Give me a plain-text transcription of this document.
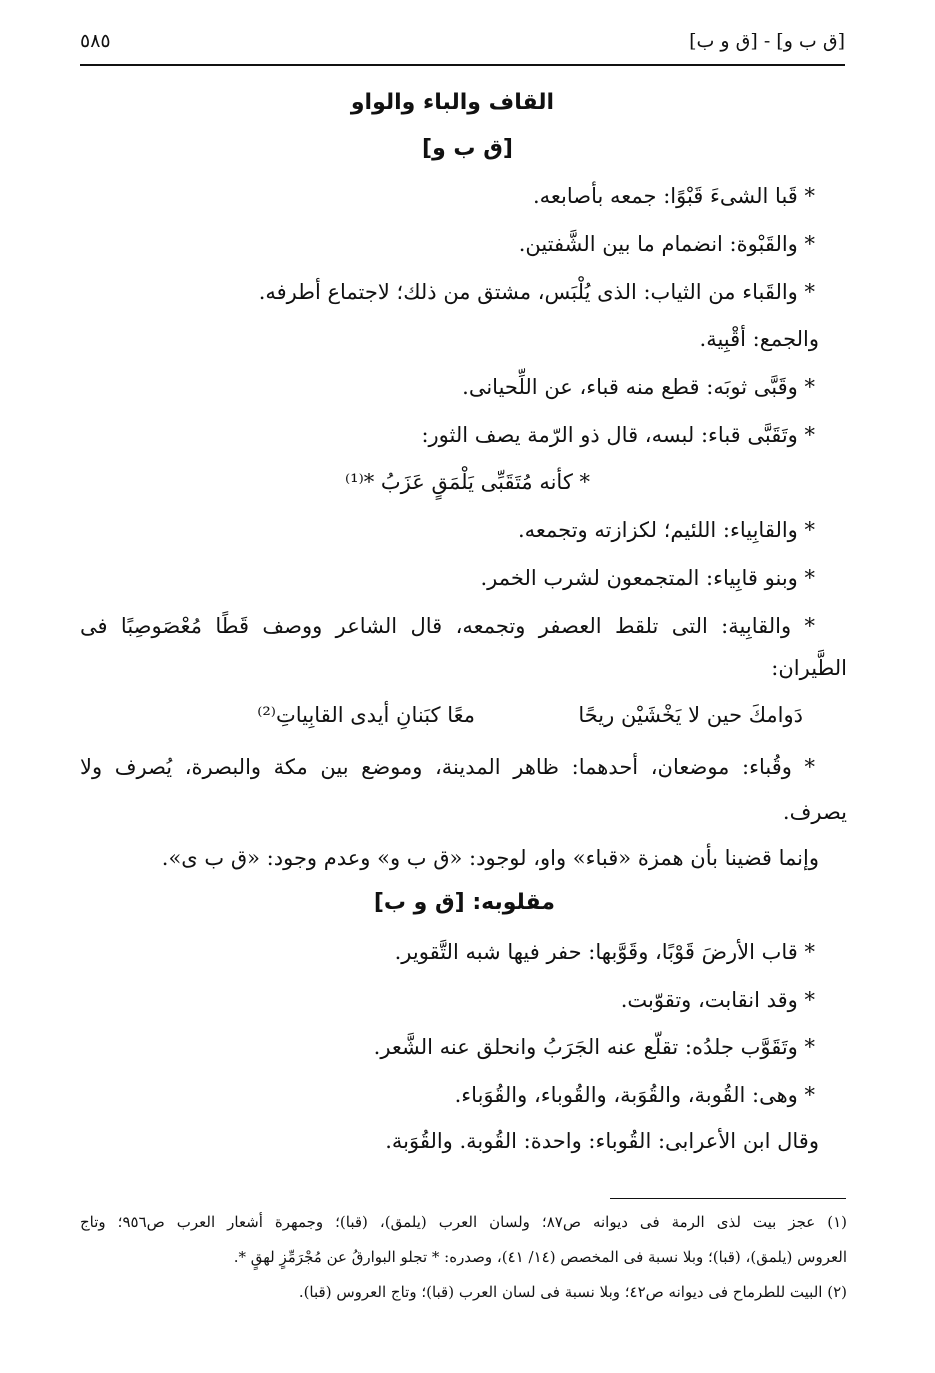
٥٨٥	[ق ب و] - [ق و ب]
القاف والباء والواو
[ق ب و]
* قَبا الشىءَ قَبْوًا: جمعه بأصابعه.
* والقَبْوة: انضمام ما بين الشَّفتين.
* والقَباء من الثياب: الذى يُلْبَس، مشتق من ذلك؛ لاجتماع أطرفه.
والجمع: أقْبِية.
* وقَبَّى ثوبَه: قطع منه قباء، عن اللِّحيانى.
* وتَقَبَّى قباء: لبسه، قال ذو الرّمة يصف الثور:
* كأنه مُتَقَبِّى يَلْمَقٍ عَزَبُ *⁽¹⁾
* والقابِياء: اللئيم؛ لكزازته وتجمعه.
* وبنو قابِياء: المتجمعون لشرب الخمر.
* والقابِية: التى تلقط العصفر وتجمعه، قال الشاعر ووصف قَطًا مُعْصَوصِبًا فى
الطَّيران:
دَوامكَ حين لا يَخْشَيْن ريحًا
معًا كبَنانِ أيدى القابِياتِ⁽²⁾
* وقُباء: موضعان، أحدهما: ظاهر المدينة، وموضع بين مكة والبصرة، يُصرف ولا
يصرف.
وإنما قضينا بأن همزة «قباء» واو، لوجود: «ق ب و» وعدم وجود: «ق ب ى».
مقلوبه: [ق و ب]
* قاب الأرضَ قَوْبًا، وقَوَّبها: حفر فيها شبه التَّقوير.
* وقد انقابت، وتقوّبت.
* وتَقَوَّب جلدُه: تقلّع عنه الجَرَبُ وانحلق عنه الشَّعر.
* وهى: القُوبة، والقُوَبة، والقُوباء، والقُوَباء.
وقال ابن الأعرابى: القُوباء: واحدة: القُوبة. والقُوَبة.
(١) عجز بيت لذى الرمة فى ديوانه ص٨٧؛ ولسان العرب (يلمق)، (قبا)؛ وجمهرة أشعار العرب ص٩٥٦؛ وتاج
العروس (يلمق)، (قبا)؛ وبلا نسبة فى المخصص (١٤/ ٤١)، وصدره: * تجلو البوارقُ عن مُجْرَمِّزٍ لهقٍ *.
(٢) البيت للطرماح فى ديوانه ص٤٢؛ وبلا نسبة فى لسان العرب (قبا)؛ وتاج العروس (قبا).
